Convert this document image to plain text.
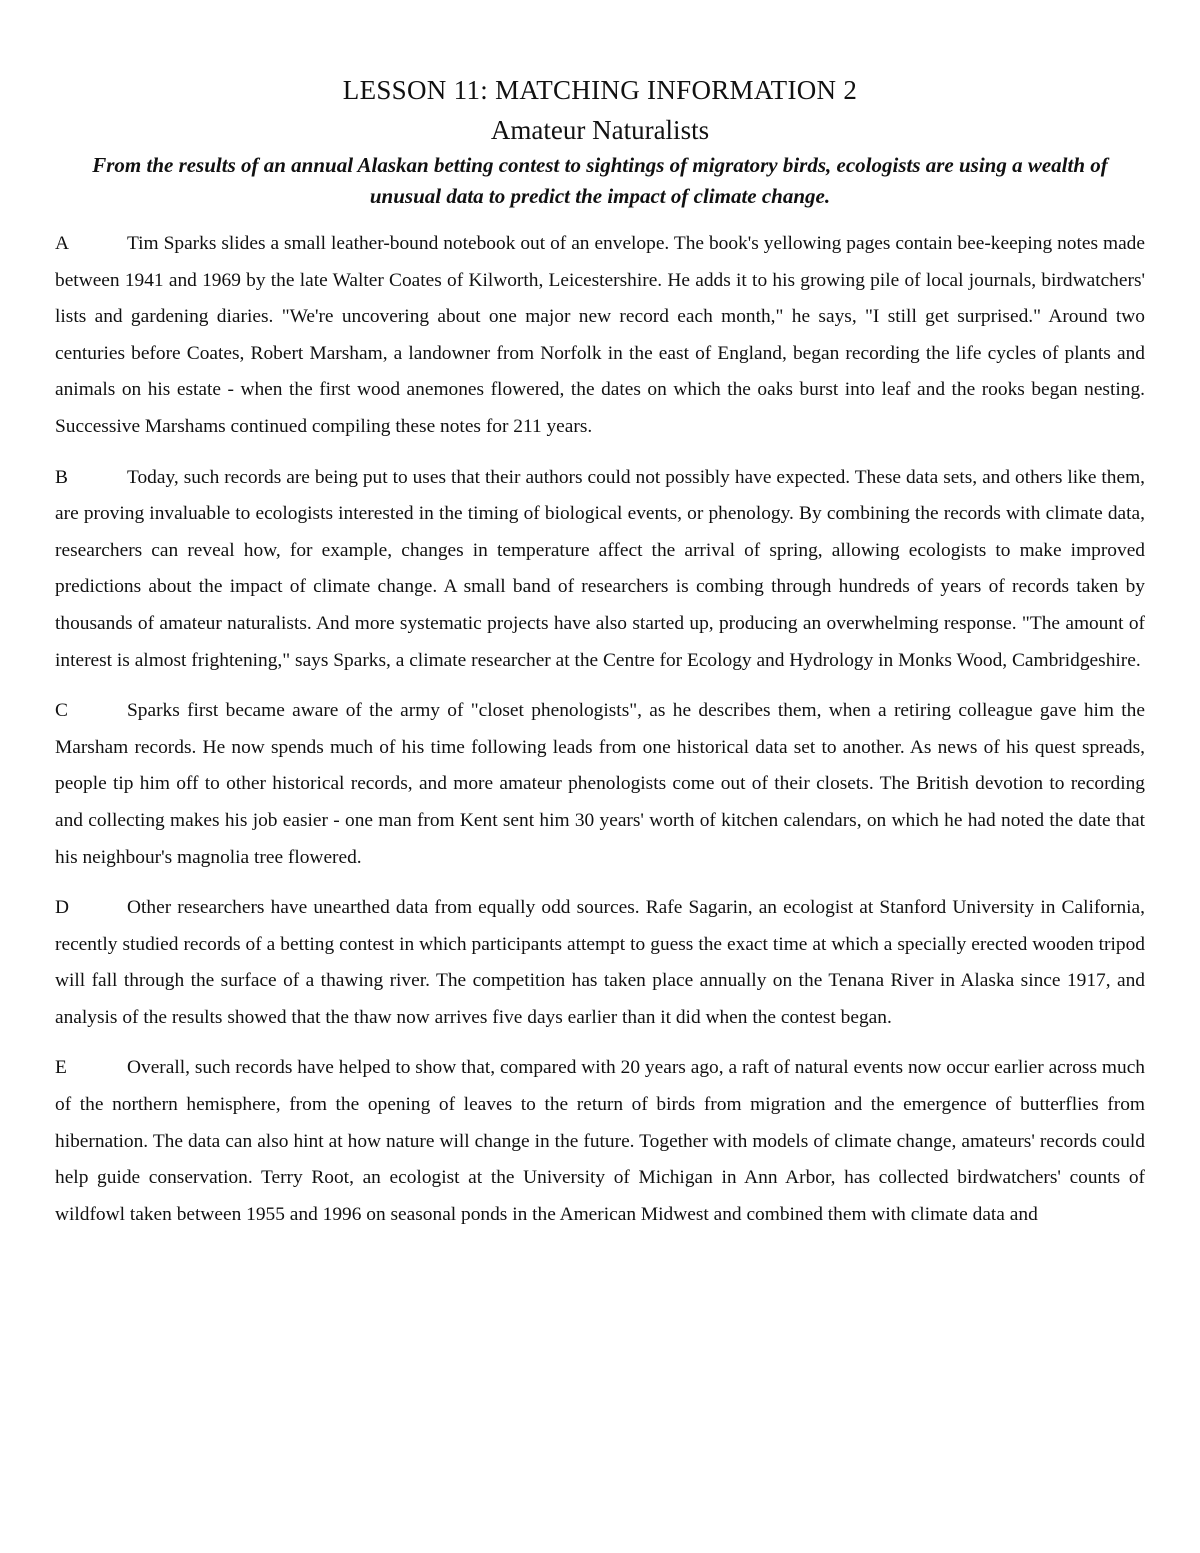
LESSON 11: MATCHING INFORMATION 2
Amateur Naturalists

From the results of an annual Alaskan betting contest to sightings of migratory birds, ecologists are using a wealth of unusual data to predict the impact of climate change.

A	Tim Sparks slides a small leather-bound notebook out of an envelope. The book's yellowing pages contain bee-keeping notes made between 1941 and 1969 by the late Walter Coates of Kilworth, Leicestershire. He adds it to his growing pile of local journals, birdwatchers' lists and gardening diaries. "We're uncovering about one major new record each month," he says, "I still get surprised." Around two centuries before Coates, Robert Marsham, a landowner from Norfolk in the east of England, began recording the life cycles of plants and animals on his estate - when the first wood anemones flowered, the dates on which the oaks burst into leaf and the rooks began nesting. Successive Marshams continued compiling these notes for 211 years.

B	Today, such records are being put to uses that their authors could not possibly have expected. These data sets, and others like them, are proving invaluable to ecologists interested in the timing of biological events, or phenology. By combining the records with climate data, researchers can reveal how, for example, changes in temperature affect the arrival of spring, allowing ecologists to make improved predictions about the impact of climate change. A small band of researchers is combing through hundreds of years of records taken by thousands of amateur naturalists. And more systematic projects have also started up, producing an overwhelming response. "The amount of interest is almost frightening," says Sparks, a climate researcher at the Centre for Ecology and Hydrology in Monks Wood, Cambridgeshire.

C	Sparks first became aware of the army of "closet phenologists", as he describes them, when a retiring colleague gave him the Marsham records. He now spends much of his time following leads from one historical data set to another. As news of his quest spreads, people tip him off to other historical records, and more amateur phenologists come out of their closets. The British devotion to recording and collecting makes his job easier - one man from Kent sent him 30 years' worth of kitchen calendars, on which he had noted the date that his neighbour's magnolia tree flowered.

D	Other researchers have unearthed data from equally odd sources. Rafe Sagarin, an ecologist at Stanford University in California, recently studied records of a betting contest in which participants attempt to guess the exact time at which a specially erected wooden tripod will fall through the surface of a thawing river. The competition has taken place annually on the Tenana River in Alaska since 1917, and analysis of the results showed that the thaw now arrives five days earlier than it did when the contest began.

E	Overall, such records have helped to show that, compared with 20 years ago, a raft of natural events now occur earlier across much of the northern hemisphere, from the opening of leaves to the return of birds from migration and the emergence of butterflies from hibernation. The data can also hint at how nature will change in the future. Together with models of climate change, amateurs' records could help guide conservation. Terry Root, an ecologist at the University of Michigan in Ann Arbor, has collected birdwatchers' counts of wildfowl taken between 1955 and 1996 on seasonal ponds in the American Midwest and combined them with climate data and
